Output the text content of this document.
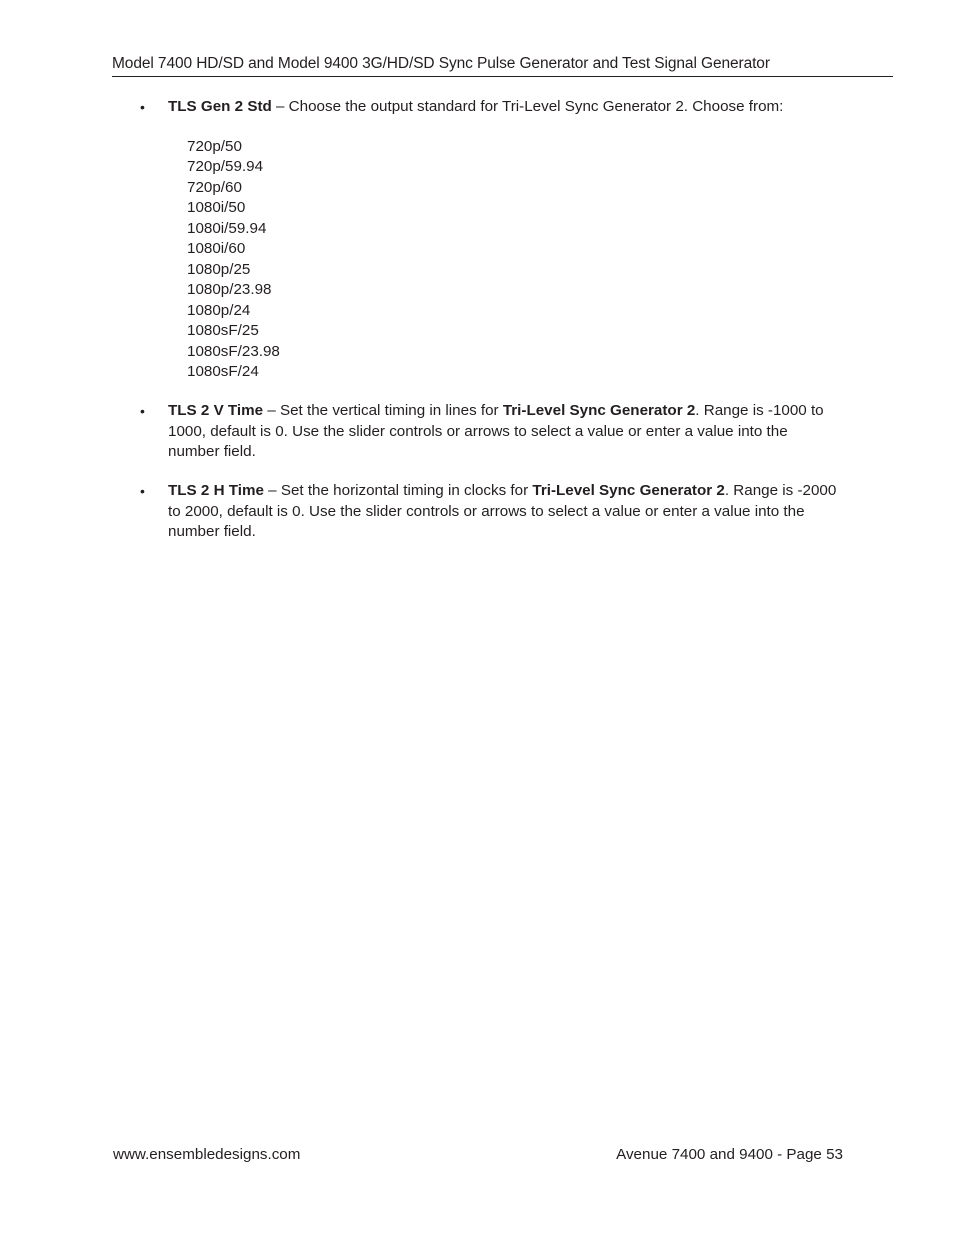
Model 7400 HD/SD and Model 9400 3G/HD/SD Sync Pulse Generator and Test Signal Generator
• TLS Gen 2 Std – Choose the output standard for Tri-Level Sync Generator 2. Choose from:
720p/50
720p/59.94
720p/60
1080i/50
1080i/59.94
1080i/60
1080p/25
1080p/23.98
1080p/24
1080sF/25
1080sF/23.98
1080sF/24
• TLS 2 V Time – Set the vertical timing in lines for Tri-Level Sync Generator 2. Range is -1000 to 1000, default is 0. Use the slider controls or arrows to select a value or enter a value into the number field.
• TLS 2 H Time – Set the horizontal timing in clocks for Tri-Level Sync Generator 2. Range is -2000 to 2000, default is 0. Use the slider controls or arrows to select a value or enter a value into the number field.
www.ensembledesigns.com	Avenue 7400 and 9400 - Page 53
